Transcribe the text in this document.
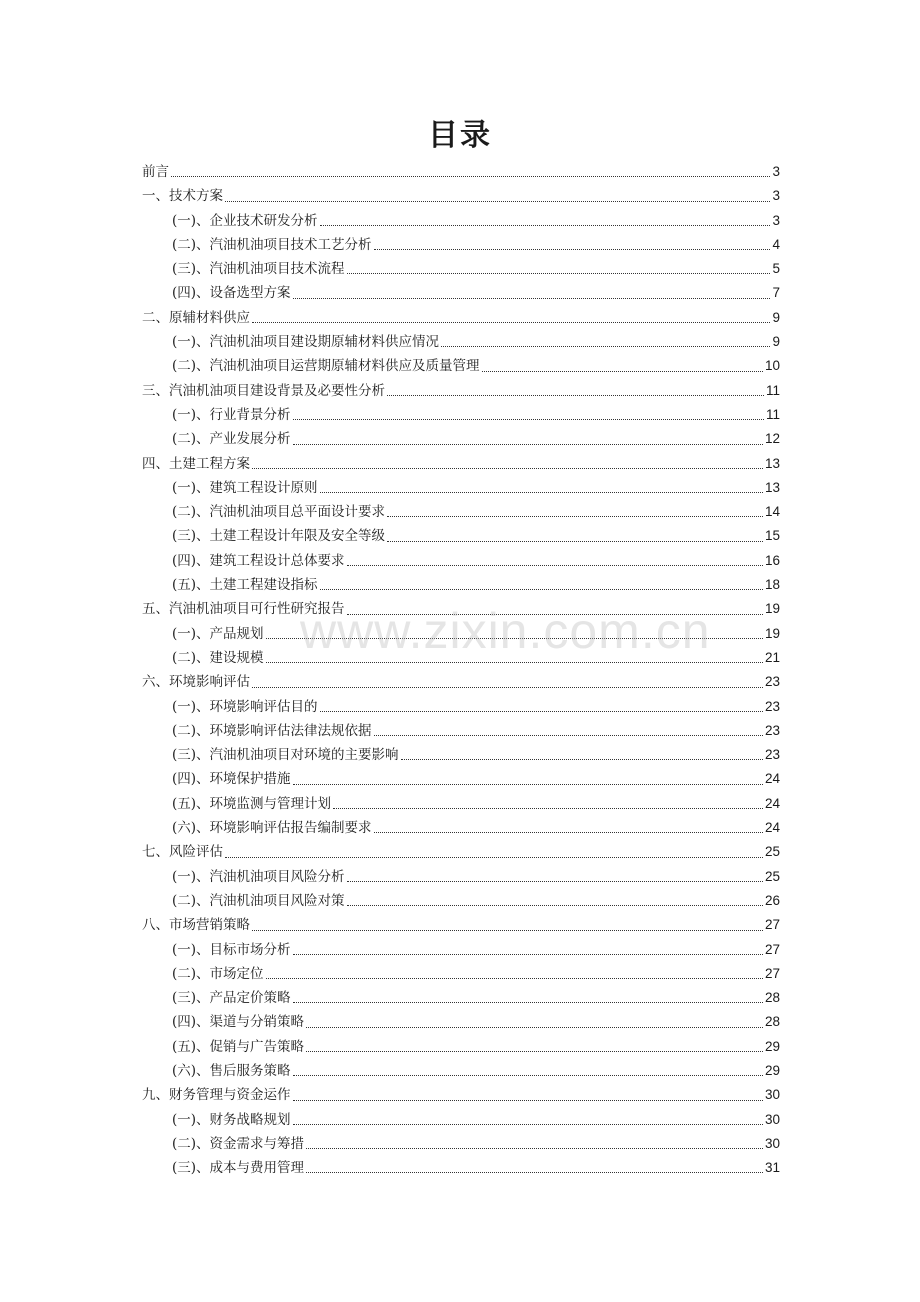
目录
前言	3
一、技术方案	3
(一)、企业技术研发分析	3
(二)、汽油机油项目技术工艺分析	4
(三)、汽油机油项目技术流程	5
(四)、设备选型方案	7
二、原辅材料供应	9
(一)、汽油机油项目建设期原辅材料供应情况	9
(二)、汽油机油项目运营期原辅材料供应及质量管理	10
三、汽油机油项目建设背景及必要性分析	11
(一)、行业背景分析	11
(二)、产业发展分析	12
四、土建工程方案	13
(一)、建筑工程设计原则	13
(二)、汽油机油项目总平面设计要求	14
(三)、土建工程设计年限及安全等级	15
(四)、建筑工程设计总体要求	16
(五)、土建工程建设指标	18
五、汽油机油项目可行性研究报告	19
(一)、产品规划	19
(二)、建设规模	21
六、环境影响评估	23
(一)、环境影响评估目的	23
(二)、环境影响评估法律法规依据	23
(三)、汽油机油项目对环境的主要影响	23
(四)、环境保护措施	24
(五)、环境监测与管理计划	24
(六)、环境影响评估报告编制要求	24
七、风险评估	25
(一)、汽油机油项目风险分析	25
(二)、汽油机油项目风险对策	26
八、市场营销策略	27
(一)、目标市场分析	27
(二)、市场定位	27
(三)、产品定价策略	28
(四)、渠道与分销策略	28
(五)、促销与广告策略	29
(六)、售后服务策略	29
九、财务管理与资金运作	30
(一)、财务战略规划	30
(二)、资金需求与筹措	30
(三)、成本与费用管理	31
www.zixin.com.cn
